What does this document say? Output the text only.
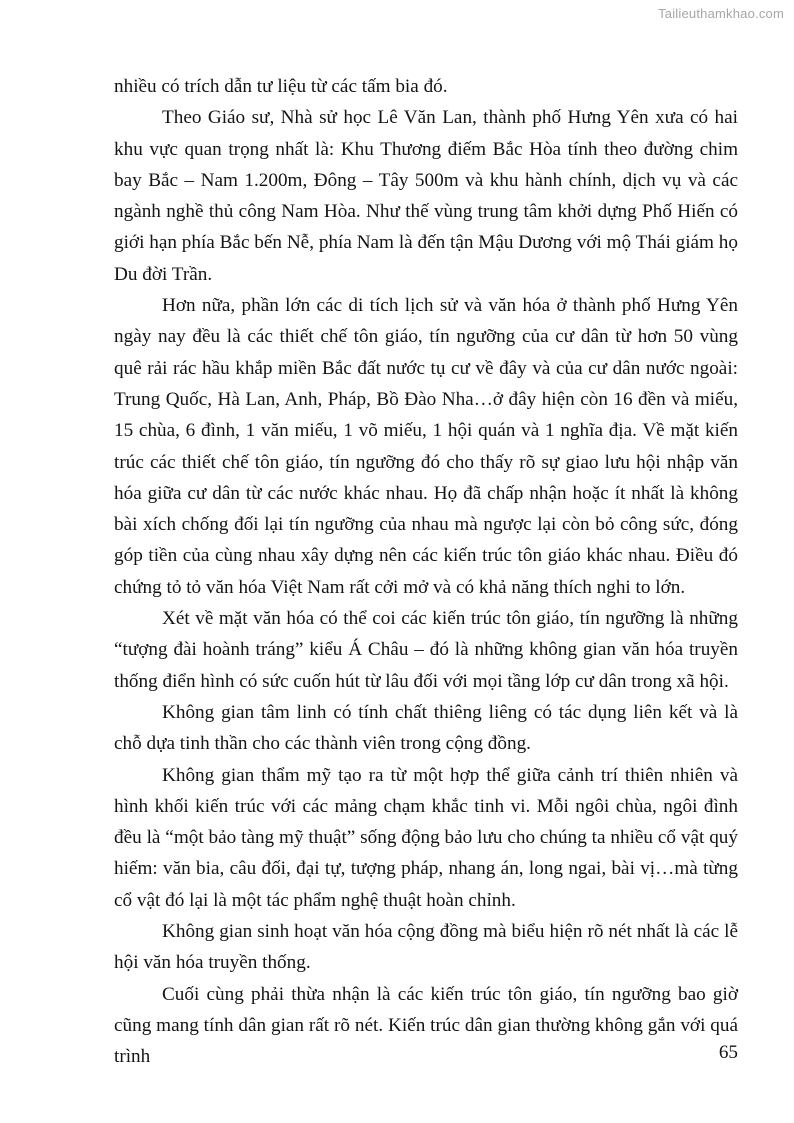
Tailieuthamkhao.com

nhiều có trích dẫn tư liệu từ các tấm bia đó.

Theo Giáo sư, Nhà sử học Lê Văn Lan, thành phố Hưng Yên xưa có hai khu vực quan trọng nhất là: Khu Thương điếm Bắc Hòa tính theo đường chim bay Bắc – Nam 1.200m, Đông – Tây 500m và khu hành chính, dịch vụ và các ngành nghề thủ công Nam Hòa. Như thế vùng trung tâm khởi dựng Phố Hiến có giới hạn phía Bắc bến Nễ, phía Nam là đến tận Mậu Dương với mộ Thái giám họ Du đời Trần.

Hơn nữa, phần lớn các di tích lịch sử và văn hóa ở thành phố Hưng Yên ngày nay đều là các thiết chế tôn giáo, tín ngưỡng của cư dân từ hơn 50 vùng quê rải rác hầu khắp miền Bắc đất nước tụ cư về đây và của cư dân nước ngoài: Trung Quốc, Hà Lan, Anh, Pháp, Bồ Đào Nha…ở đây hiện còn 16 đền và miếu, 15 chùa, 6 đình, 1 văn miếu, 1 võ miếu, 1 hội quán và 1 nghĩa địa. Về mặt kiến trúc các thiết chế tôn giáo, tín ngưỡng đó cho thấy rõ sự giao lưu hội nhập văn hóa giữa cư dân từ các nước khác nhau. Họ đã chấp nhận hoặc ít nhất là không bài xích chống đối lại tín ngưỡng của nhau mà ngược lại còn bỏ công sức, đóng góp tiền của cùng nhau xây dựng nên các kiến trúc tôn giáo khác nhau. Điều đó chứng tỏ tỏ văn hóa Việt Nam rất cởi mở và có khả năng thích nghi to lớn.

Xét về mặt văn hóa có thể coi các kiến trúc tôn giáo, tín ngưỡng là những “tượng đài hoành tráng” kiểu Á Châu – đó là những không gian văn hóa truyền thống điển hình có sức cuốn hút từ lâu đối với mọi tầng lớp cư dân trong xã hội.

Không gian tâm linh có tính chất thiêng liêng có tác dụng liên kết và là chỗ dựa tinh thần cho các thành viên trong cộng đồng.

Không gian thẩm mỹ tạo ra từ một hợp thể giữa cảnh trí thiên nhiên và hình khối kiến trúc với các mảng chạm khắc tinh vi. Mỗi ngôi chùa, ngôi đình đều là “một bảo tàng mỹ thuật” sống động bảo lưu cho chúng ta nhiều cổ vật quý hiếm: văn bia, câu đối, đại tự, tượng pháp, nhang án, long ngai, bài vị…mà từng cổ vật đó lại là một tác phẩm nghệ thuật hoàn chỉnh.

Không gian sinh hoạt văn hóa cộng đồng mà biểu hiện rõ nét nhất là các lễ hội văn hóa truyền thống.

Cuối cùng phải thừa nhận là các kiến trúc tôn giáo, tín ngưỡng bao giờ cũng mang tính dân gian rất rõ nét. Kiến trúc dân gian thường không gắn với quá trình	65
